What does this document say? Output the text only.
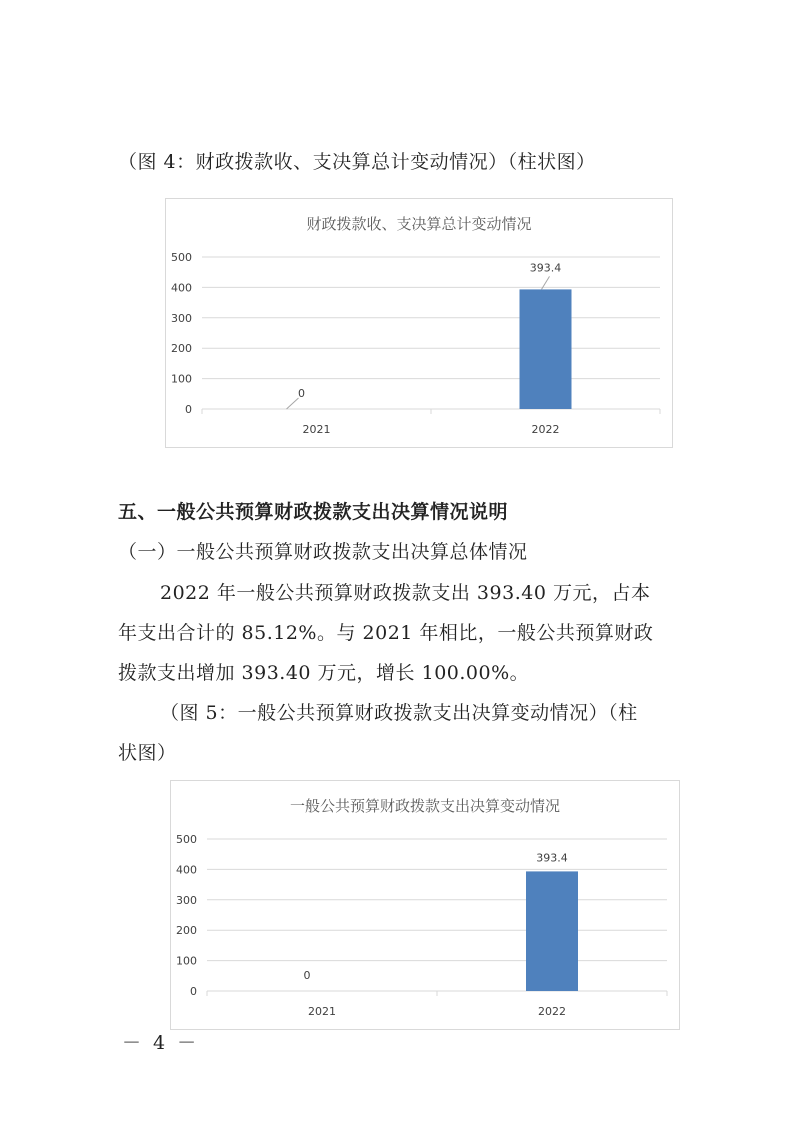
（图 4：财政拨款收、支决算总计变动情况）（柱状图）
财政拨款收、支决算总计变动情况
0
100
200
300
400
500
2021
0
2022
393.4
五、一般公共预算财政拨款支出决算情况说明
（一）一般公共预算财政拨款支出决算总体情况
2022 年一般公共预算财政拨款支出 393.40 万元，占本
年支出合计的 85.12%。与 2021 年相比，一般公共预算财政
拨款支出增加 393.40 万元，增长 100.00%。
（图 5：一般公共预算财政拨款支出决算变动情况）（柱
状图）
一般公共预算财政拨款支出决算变动情况
0
100
200
300
400
500
2021
0
2022
393.4
－ 4 －
